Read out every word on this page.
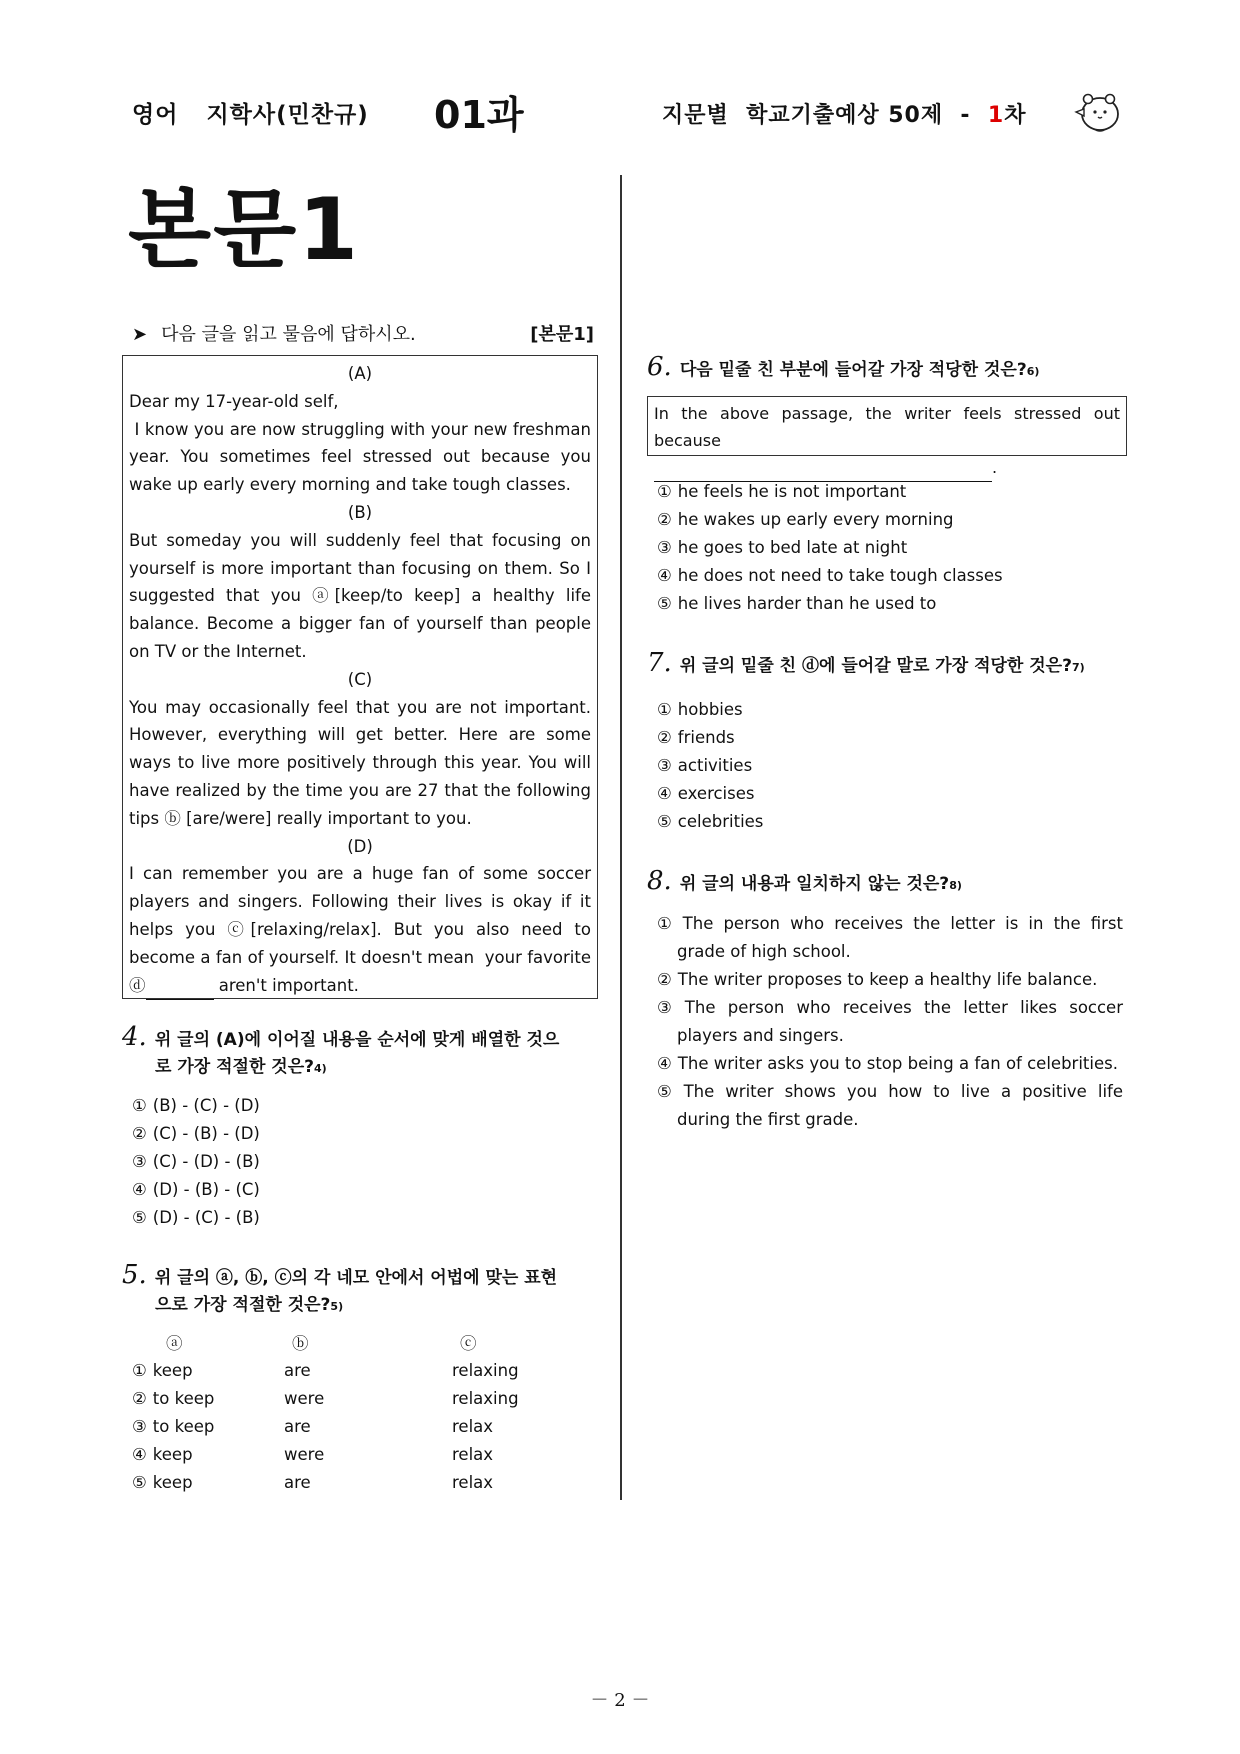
영어 지학사(민찬규)	01과	지문별  학교기출예상 50제  -  1차
본문1
➤ 다음 글을 읽고 물음에 답하시오.	[본문1]

(A)

Dear my 17-year-old self,

I know you are now struggling with your new freshman year. You sometimes feel stressed out because you wake up early every morning and take tough classes.

(B)

But someday you will suddenly feel that focusing on yourself is more important than focusing on them. So I suggested that you ⓐ[keep/to keep] a healthy life balance. Become a bigger fan of yourself than people on TV or the Internet.

(C)

You may occasionally feel that you are not important. However, everything will get better. Here are some ways to live more positively through this year. You will have realized by the time you are 27 that the following tips ⓑ [are/were] really important to you.

(D)

I can remember you are a huge fan of some soccer players and singers. Following their lives is okay if it helps you ⓒ[relaxing/relax]. But you also need to become a fan of yourself. It doesn't mean  your favorite ⓓ	aren't important.

4. 위 글의 (A)에 이어질 내용을 순서에 맞게 배열한 것으
로 가장 적절한 것은?4)
① (B) - (C) - (D)
② (C) - (B) - (D)
③ (C) - (D) - (B)
④ (D) - (B) - (C)
⑤ (D) - (C) - (B)
5. 위 글의 ⓐ, ⓑ, ⓒ의 각 네모 안에서 어법에 맞는 표현
으로 가장 적절한 것은?5)
ⓐ	ⓑ	ⓒ
① keep	are	relaxing
② to keep	were	relaxing
③ to keep	are	relax
④ keep	were	relax
⑤ keep	are	relax
6. 다음 밑줄 친 부분에 들어갈 가장 적당한 것은?6)
In the above passage, the writer feels stressed out because
.
① he feels he is not important
② he wakes up early every morning
③ he goes to bed late at night
④ he does not need to take tough classes
⑤ he lives harder than he used to
7. 위 글의 밑줄 친 ⓓ에 들어갈 말로 가장 적당한 것은?7)
① hobbies
② friends
③ activities
④ exercises
⑤ celebrities
8. 위 글의 내용과 일치하지 않는 것은?8)
① The person who receives the letter is in the first grade of high school.
② The writer proposes to keep a healthy life balance.
③ The person who receives the letter likes soccer players and singers.
④ The writer asks you to stop being a fan of celebrities.
⑤ The writer shows you how to live a positive life during the first grade.
－ 2 －
